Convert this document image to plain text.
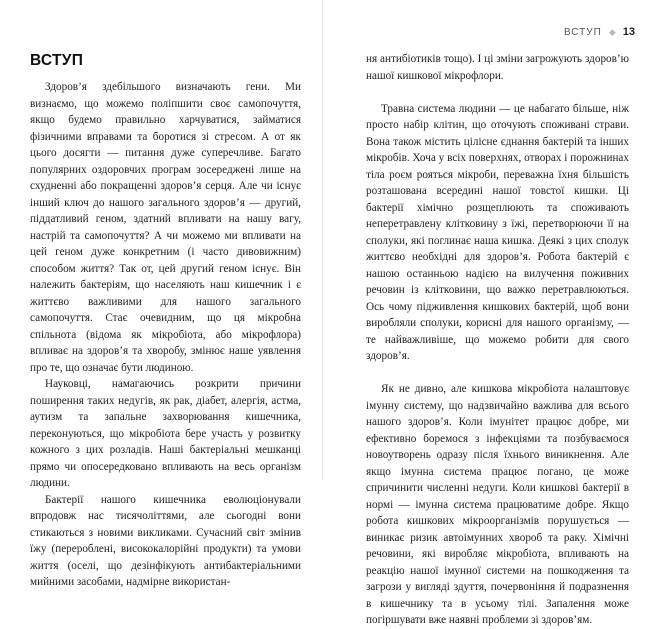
ВСТУП

Здоров’я здебільшого визначають гени. Ми визнаємо, що можемо поліпшити своє самопочуття, якщо будемо правильно харчуватися, займатися фізичними вправами та боротися зі стресом. А от як цього досягти — питання дуже суперечливе. Багато популярних оздоровчих програм зосереджені лише на схудненні або покращенні здоров’я серця. Але чи існує інший ключ до нашого загального здоров’я — другий, піддатливий геном, здатний впливати на нашу вагу, настрій та самопочуття? А чи можемо ми впливати на цей геном дуже конкретним (і часто дивовижним) способом життя? Так от, цей другий геном існує. Він належить бактеріям, що населяють наш кишечник і є життєво важливими для нашого загального самопочуття. Стає очевидним, що ця мікробна спільнота (відома як мікробіота, або мікрофлора) впливає на здоров’я та хворобу, змінює наше уявлення про те, що означає бути людиною.

Науковці, намагаючись розкрити причини поширення таких недугів, як рак, діабет, алергія, астма, аутизм та запальне захворювання кишечника, переконуються, що мікробіота бере участь у розвитку кожного з цих розладів. Наші бактеріальні мешканці прямо чи опосередковано впливають на весь організм людини.

Бактерії нашого кишечника еволюціонували впродовж нас тисячоліттями, але сьогодні вони стикаються з новими викликами. Сучасний світ змінив їжу (перероблені, висококалорійні продукти) та умови життя (оселі, що дезінфікують антибактеріальними мийними засобами, надмірне використан-

ВСТУП ◆ 13

ня антибіотиків тощо). І ці зміни загрожують здоров’ю нашої кишкової мікрофлори.

Травна система людини — це набагато більше, ніж просто набір клітин, що оточують споживані страви. Вона також містить цілісне єднання бактерій та інших мікробів. Хоча у всіх поверхнях, отворах і порожнинах тіла роєм рояться мікроби, переважна їхня більшість розташована всередині нашої товстої кишки. Ці бактерії хімічно розщеплюють та споживають неперетравлену клітковину з їжі, перетворюючи її на сполуки, які поглинає наша кишка. Деякі з цих сполук життєво необхідні для здоров’я. Робота бактерій є нашою останньою надією на вилучення поживних речовин із клітковини, що важко перетравлюються. Ось чому підживлення кишкових бактерій, щоб вони виробляли сполуки, корисні для нашого організму, — те найважливіше, що можемо робити для свого здоров’я.

Як не дивно, але кишкова мікробіота налаштовує імунну систему, що надзвичайно важлива для всього нашого здоров’я. Коли імунітет працює добре, ми ефективно боремося з інфекціями та позбуваємося новоутворень одразу після їхнього виникнення. Але якщо імунна система працює погано, це може спричинити численні недуги. Коли кишкові бактерії в нормі — імунна система працюватиме добре. Якщо робота кишкових мікроорганізмів порушується — виникає ризик автоімунних хвороб та раку. Хімічні речовини, які виробляє мікробіота, впливають на реакцію нашої імунної системи на пошкодження та загрози у вигляді здуття, почервоніння й подразнення в кишечнику та в усьому тілі. Запалення може погіршувати вже наявні проблеми зі здоров’ям.
